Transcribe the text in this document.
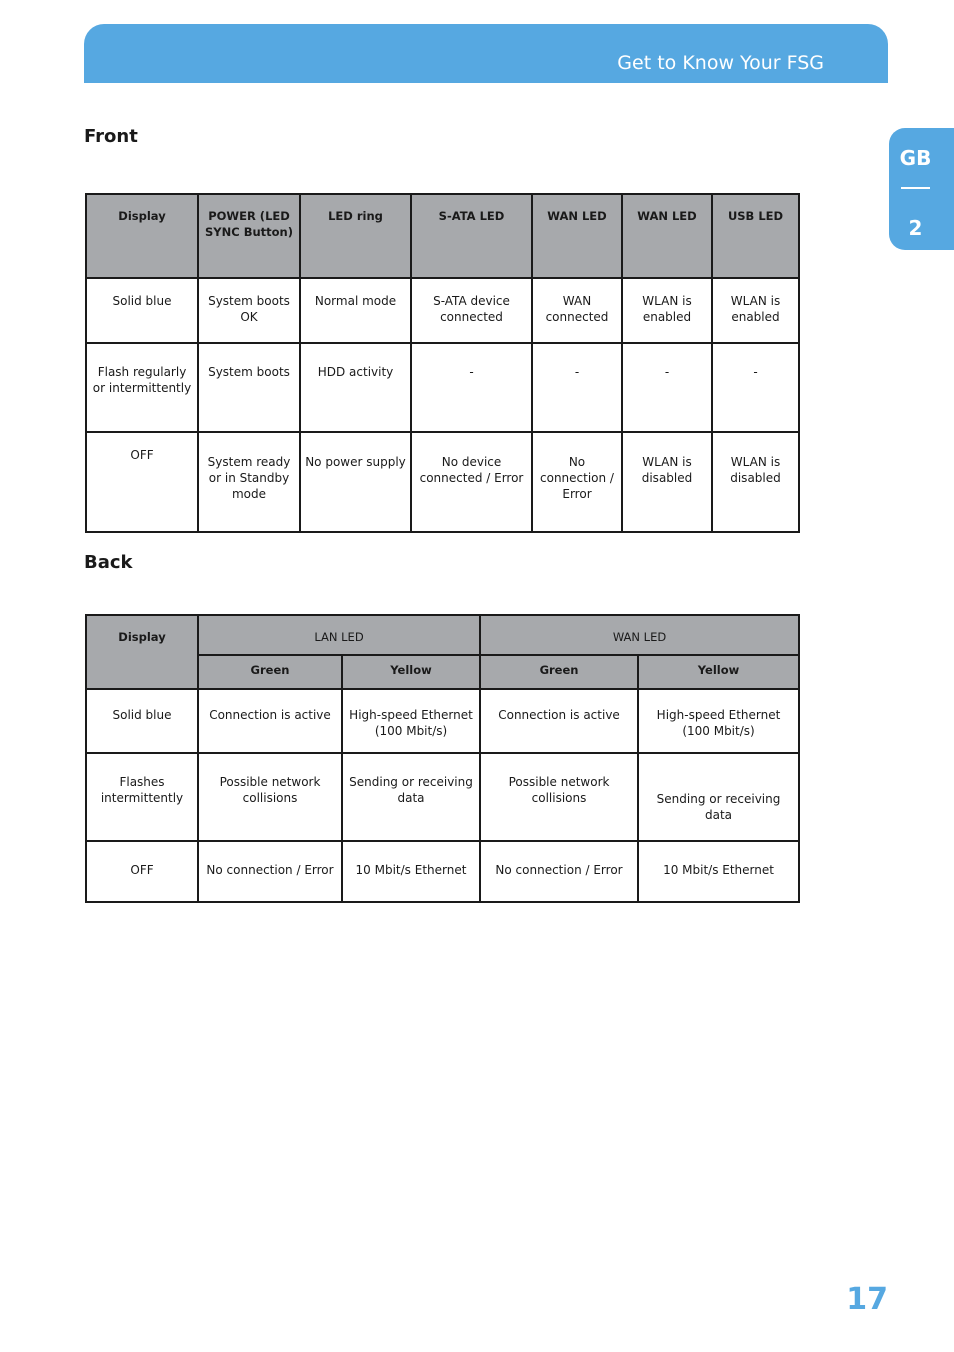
Get to Know Your FSG
GB
2
Front
Display	POWER (LED SYNC Button)	LED ring	S-ATA LED	WAN LED	WAN LED	USB LED
Solid blue	System boots OK	Normal mode	S-ATA device connected	WAN connected	WLAN is enabled	WLAN is enabled
Flash regularly or intermittently	System boots	HDD activity	-	-	-	-
OFF	System ready or in Standby mode	No power supply	No device connected / Error	No connection / Error	WLAN is disabled	WLAN is disabled
Back
Display	LAN LED		WAN LED	
	Green	Yellow	Green	Yellow
Solid blue	Connection is active	High-speed Ethernet (100 Mbit/s)	Connection is active	High-speed Ethernet (100 Mbit/s)
Flashes intermittently	Possible network collisions	Sending or receiving data	Possible network collisions	Sending or receiving data
OFF	No connection / Error	10 Mbit/s Ethernet	No connection / Error	10 Mbit/s Ethernet
17
